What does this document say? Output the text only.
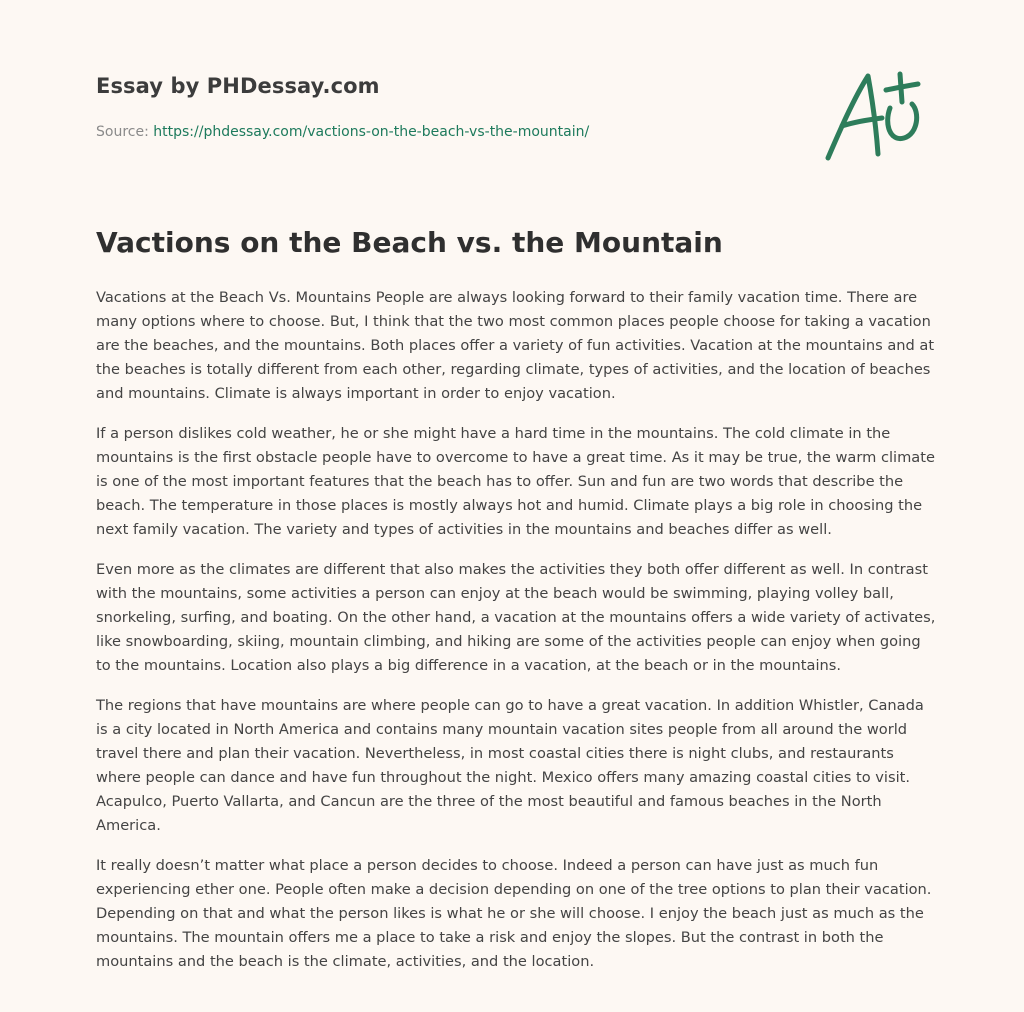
Essay by PHDessay.com
Source: https://phdessay.com/vactions-on-the-beach-vs-the-mountain/
Vactions on the Beach vs. the Mountain

Vacations at the Beach Vs. Mountains People are always looking forward to their family vacation time. There are many options where to choose. But, I think that the two most common places people choose for taking a vacation are the beaches, and the mountains. Both places offer a variety of fun activities. Vacation at the mountains and at the beaches is totally different from each other, regarding climate, types of activities, and the location of beaches and mountains. Climate is always important in order to enjoy vacation.

If a person dislikes cold weather, he or she might have a hard time in the mountains. The cold climate in the mountains is the first obstacle people have to overcome to have a great time. As it may be true, the warm climate is one of the most important features that the beach has to offer. Sun and fun are two words that describe the beach. The temperature in those places is mostly always hot and humid. Climate plays a big role in choosing the next family vacation. The variety and types of activities in the mountains and beaches differ as well.

Even more as the climates are different that also makes the activities they both offer different as well. In contrast with the mountains, some activities a person can enjoy at the beach would be swimming, playing volley ball, snorkeling, surfing, and boating. On the other hand, a vacation at the mountains offers a wide variety of activates, like snowboarding, skiing, mountain climbing, and hiking are some of the activities people can enjoy when going to the mountains. Location also plays a big difference in a vacation, at the beach or in the mountains.

The regions that have mountains are where people can go to have a great vacation. In addition Whistler, Canada is a city located in North America and contains many mountain vacation sites people from all around the world travel there and plan their vacation. Nevertheless, in most coastal cities there is night clubs, and restaurants where people can dance and have fun throughout the night. Mexico offers many amazing coastal cities to visit. Acapulco, Puerto Vallarta, and Cancun are the three of the most beautiful and famous beaches in the North America.

It really doesn’t matter what place a person decides to choose. Indeed a person can have just as much fun experiencing ether one. People often make a decision depending on one of the tree options to plan their vacation. Depending on that and what the person likes is what he or she will choose. I enjoy the beach just as much as the mountains. The mountain offers me a place to take a risk and enjoy the slopes. But the contrast in both the mountains and the beach is the climate, activities, and the location.
